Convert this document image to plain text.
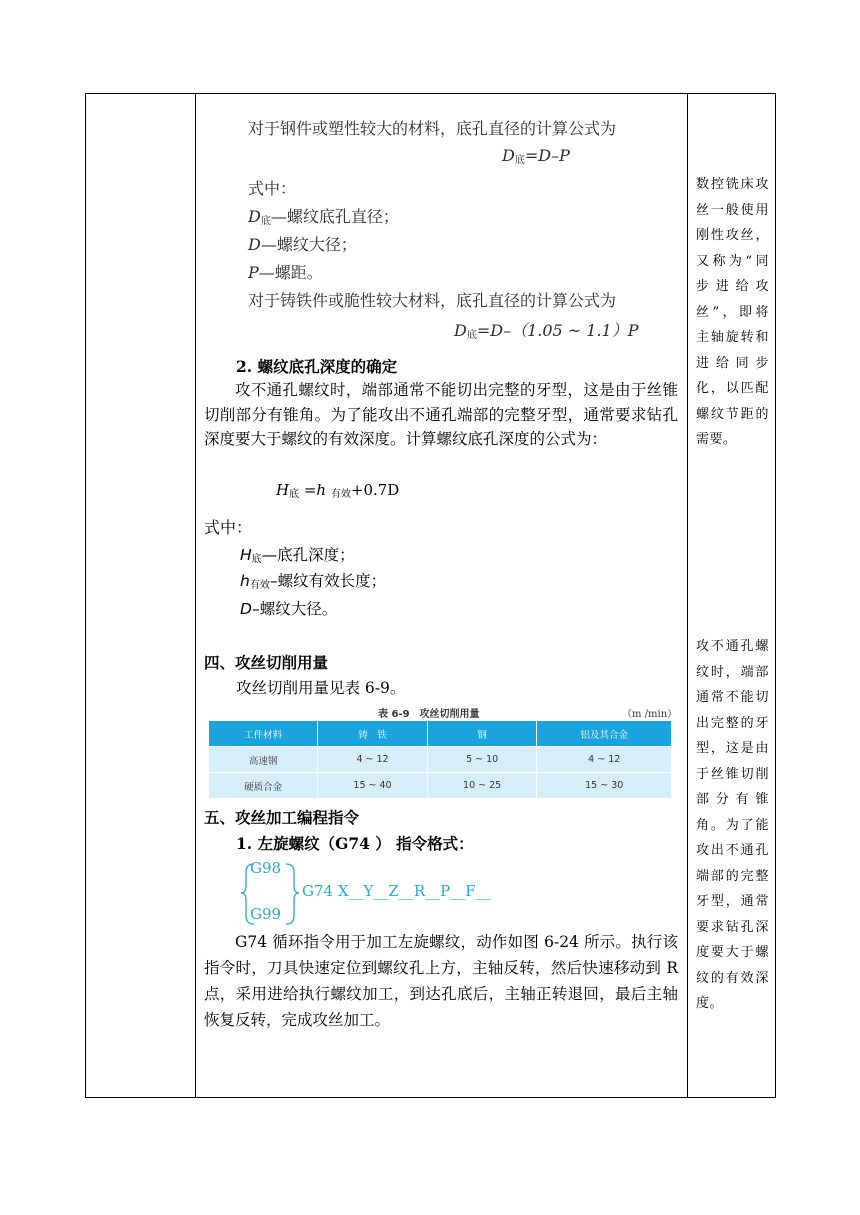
对于钢件或塑性较大的材料，底孔直径的计算公式为
$D_底=D-P$
式中：
$D_底—$螺纹底孔直径；
D—螺纹大径；
P—螺距。
对于铸铁件或脆性较大材料，底孔直径的计算公式为
$D_底=D-(1.05$ ~ 1.1）P
2. 螺纹底孔深度的确定
攻不通孔螺纹时，端部通常不能切出完整的牙型，这是由于丝锥切削部分有锥角。为了能攻出不通孔端部的完整牙型，通常要求钻孔深度要大于螺纹的有效深度。计算螺纹底孔深度的公式为：
$H_底 =h$ $_{有效}$+0.7D
式中：
$H_底—$底孔深度；
$h_{有效}-$螺纹有效长度；
D–螺纹大径。
四、攻丝切削用量
攻丝切削用量见表 6-9。
表 6-9　攻丝切削用量	（m /min）
工件材料	铸　铁	钢	铝及其合金
高速钢	4 ~ 12	5 ~ 10	4 ~ 12
硬质合金	15 ~ 40	10 ~ 25	15 ~ 30
五、攻丝加工编程指令
1. 左旋螺纹（G74 ） 指令格式：
G98
G99
G74 X__Y__Z__R__P__F__
G74 循环指令用于加工左旋螺纹，动作如图 6-24 所示。执行该指令时，刀具快速定位到螺纹孔上方，主轴反转，然后快速移动到 R 点，采用进给执行螺纹加工，到达孔底后，主轴正转退回，最后主轴恢复反转，完成攻丝加工。
数控铣床攻丝一般使用刚性攻丝，又称为“同步进给攻丝”，即将主轴旋转和进给同步化，以匹配螺纹节距的需要。
攻不通孔螺纹时，端部通常不能切出完整的牙型，这是由于丝锥切削部分有锥角。为了能攻出不通孔端部的完整牙型，通常要求钻孔深度要大于螺纹的有效深度。
